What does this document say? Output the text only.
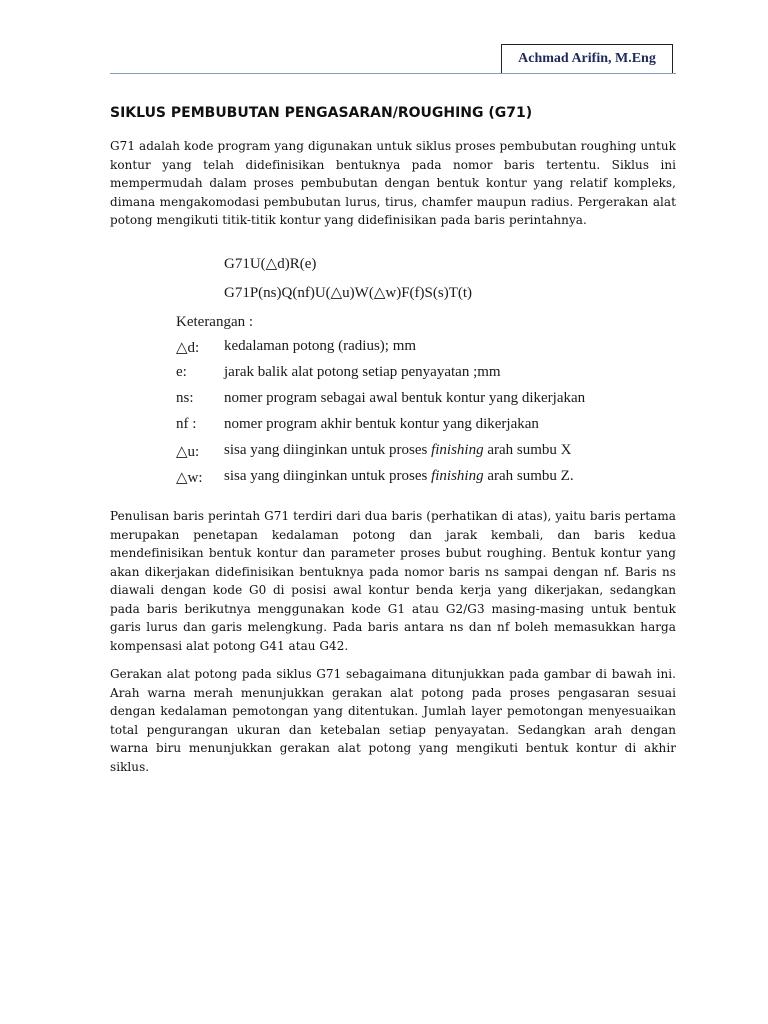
Achmad Arifin, M.Eng
SIKLUS PEMBUBUTAN PENGASARAN/ROUGHING (G71)

G71 adalah kode program yang digunakan untuk siklus proses pembubutan roughing untuk kontur yang telah didefinisikan bentuknya pada nomor baris tertentu. Siklus ini mempermudah dalam proses pembubutan dengan bentuk kontur yang relatif kompleks, dimana mengakomodasi pembubutan lurus, tirus, chamfer maupun radius. Pergerakan alat potong mengikuti titik-titik kontur yang didefinisikan pada baris perintahnya.

G71U(△d)R(e)
G71P(ns)Q(nf)U(△u)W(△w)F(f)S(s)T(t)
Keterangan :
△d: kedalaman potong (radius); mm
e: jarak balik alat potong setiap penyayatan ;mm
ns: nomer program sebagai awal bentuk kontur yang dikerjakan
nf : nomer program akhir bentuk kontur yang dikerjakan
△u: sisa yang diinginkan untuk proses finishing arah sumbu X
△w: sisa yang diinginkan untuk proses finishing arah sumbu Z.

Penulisan baris perintah G71 terdiri dari dua baris (perhatikan di atas), yaitu baris pertama merupakan penetapan kedalaman potong dan jarak kembali, dan baris kedua mendefinisikan bentuk kontur dan parameter proses bubut roughing. Bentuk kontur yang akan dikerjakan didefinisikan bentuknya pada nomor baris ns sampai dengan nf. Baris ns diawali dengan kode G0 di posisi awal kontur benda kerja yang dikerjakan, sedangkan pada baris berikutnya menggunakan kode G1 atau G2/G3 masing-masing untuk bentuk garis lurus dan garis melengkung. Pada baris antara ns dan nf boleh memasukkan harga kompensasi alat potong G41 atau G42.

Gerakan alat potong pada siklus G71 sebagaimana ditunjukkan pada gambar di bawah ini. Arah warna merah menunjukkan gerakan alat potong pada proses pengasaran sesuai dengan kedalaman pemotongan yang ditentukan. Jumlah layer pemotongan menyesuaikan total pengurangan ukuran dan ketebalan setiap penyayatan. Sedangkan arah dengan warna biru menunjukkan gerakan alat potong yang mengikuti bentuk kontur di akhir siklus.
